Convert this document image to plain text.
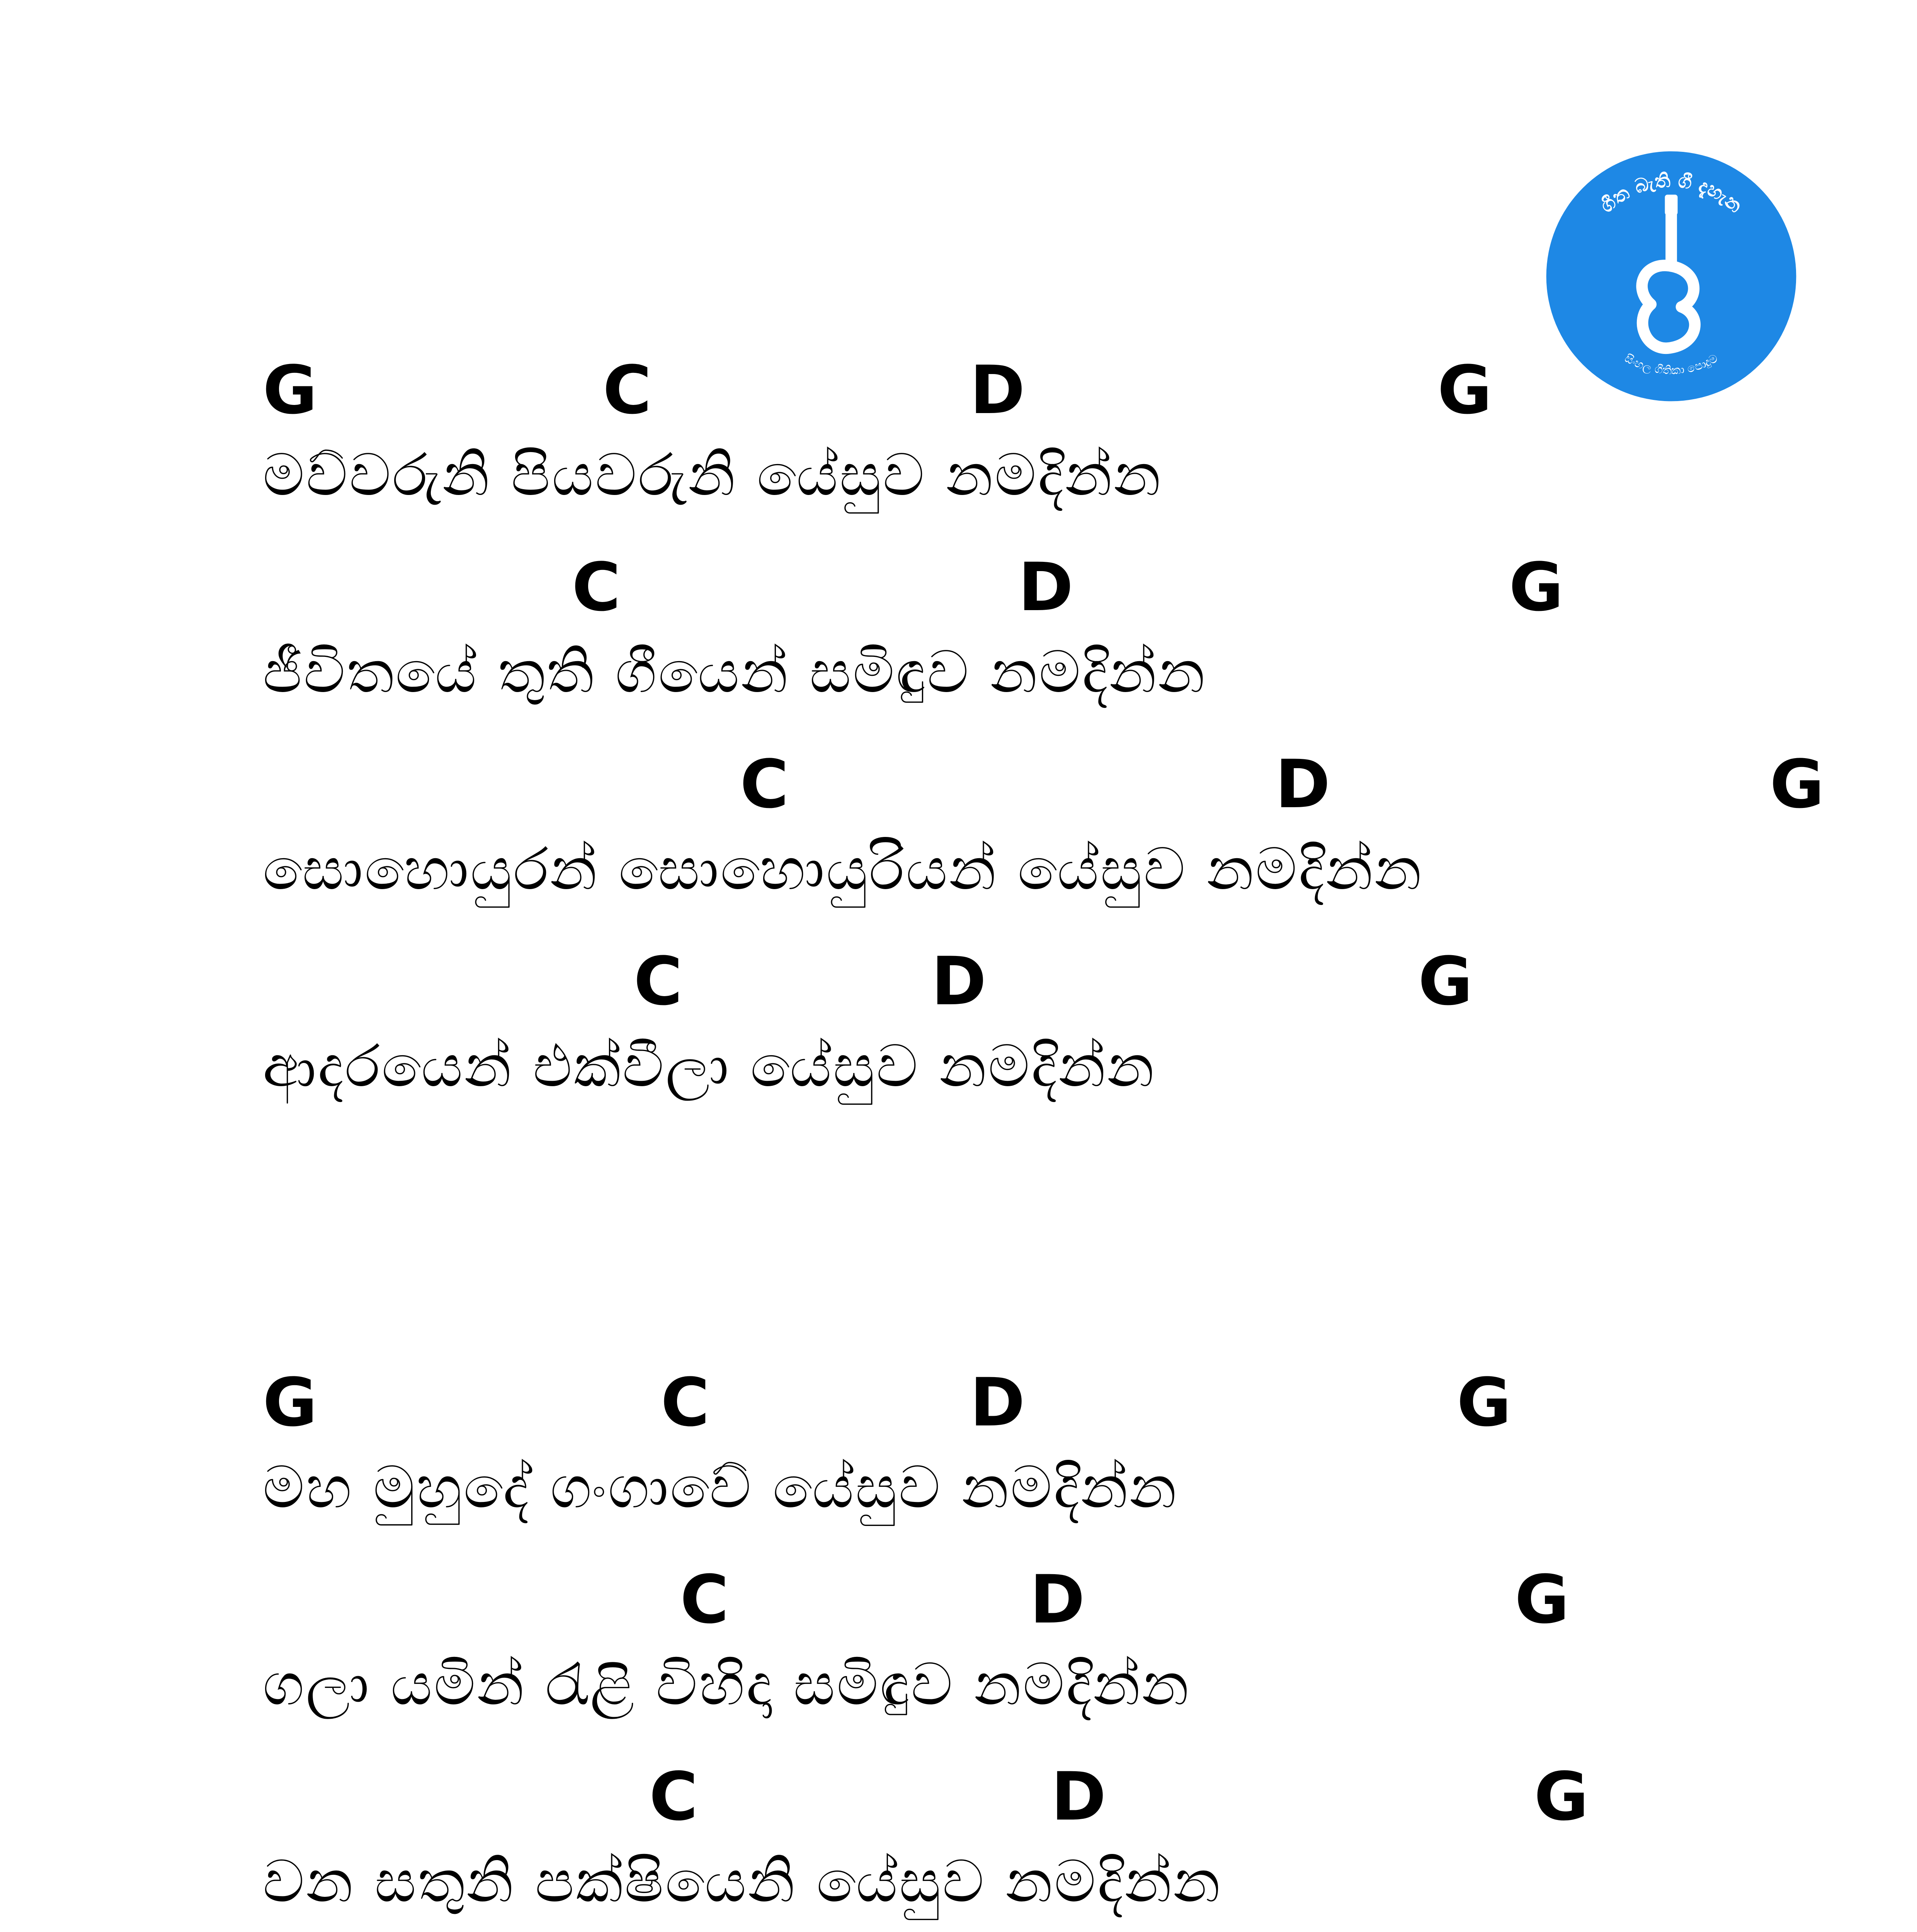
ගීත බැති ගී දැහැන
සිංහල ගීතිකා පොදුම
G	C	D	G
මව්වරුනි පියවරුනි යේසුව නමදින්න
C	D	G
ජීවිතයේ තුති ගීයෙන් සමිඳුව නමදින්න
C	D	G
සොහොයුරන් සොහොයුරියන් යේසුව නමදින්න
C	D	G
ආදරයෙන් එක්වීලා යේසුව නමදින්න
G	C	D	G
මහ මුහුදේ ගංගාවේ යේසුව නමදින්න
C	D	G
ගලා යමින් රැළි විහිදා සමිඳුව නමදින්න
C	D	G
වන සතුනි පක්ෂියෙනි යේසුව නමදින්න
